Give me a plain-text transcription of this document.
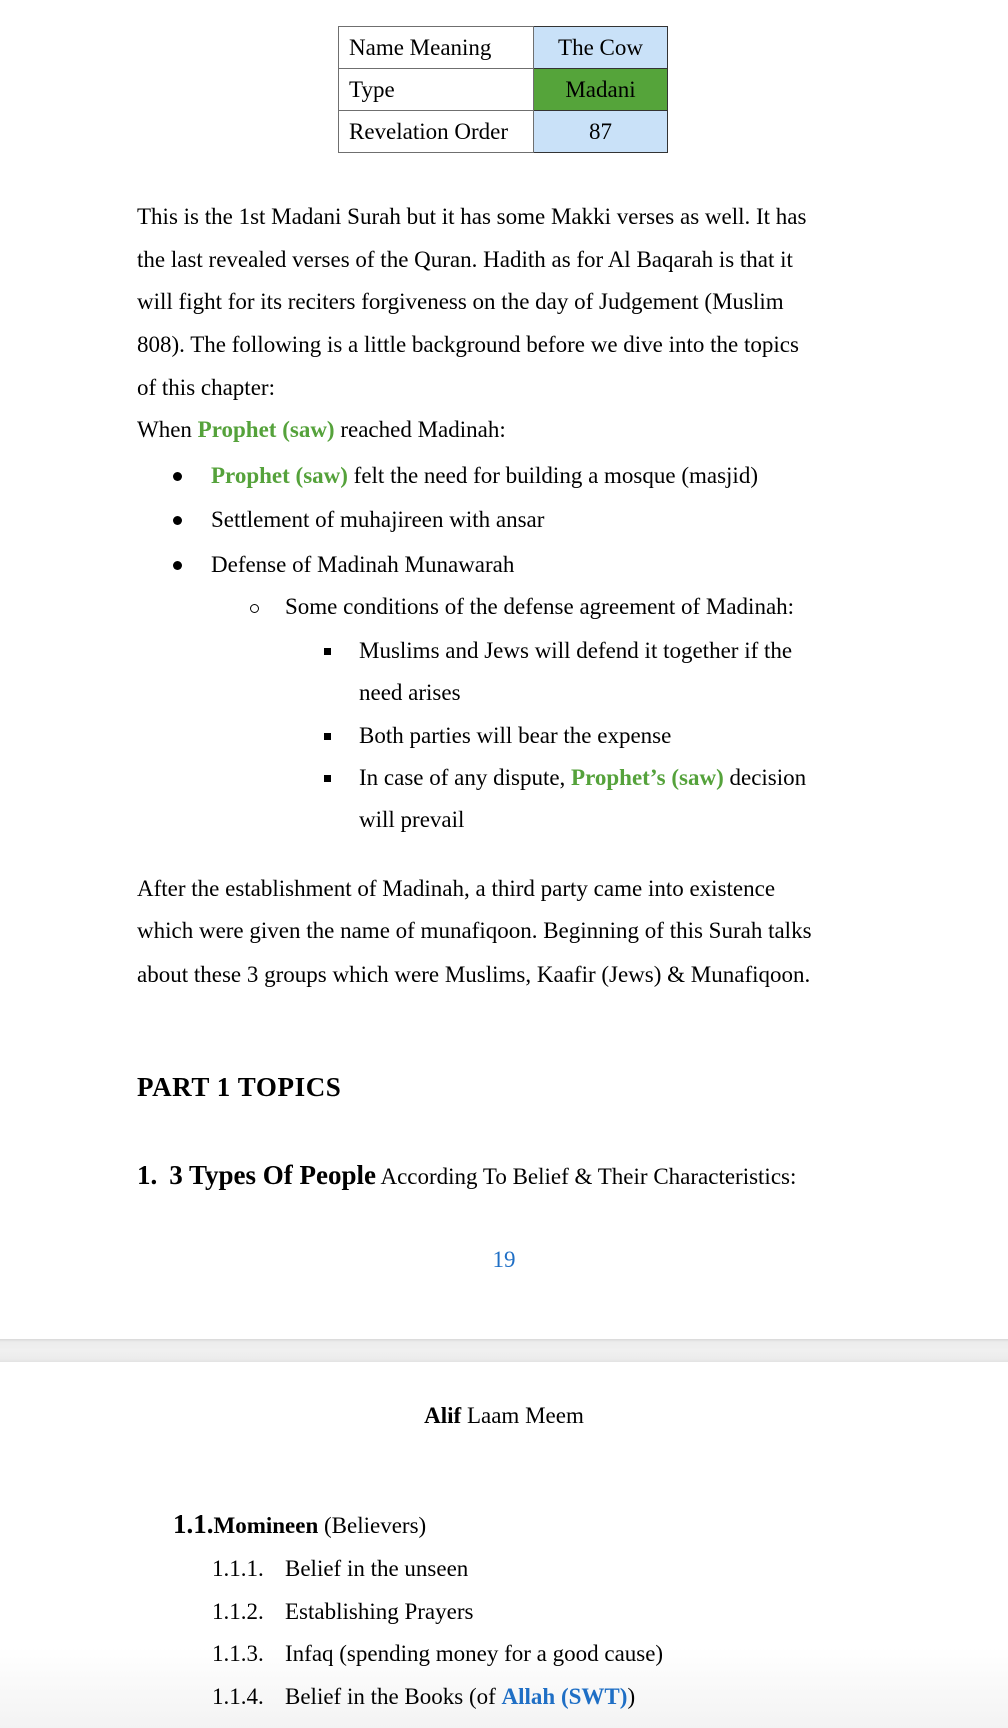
Name Meaning	The Cow
Type	Madani
Revelation Order	87
This is the 1st Madani Surah but it has some Makki verses as well. It has
the last revealed verses of the Quran. Hadith as for Al Baqarah is that it
will fight for its reciters forgiveness on the day of Judgement (Muslim
808). The following is a little background before we dive into the topics
of this chapter:
When Prophet (saw) reached Madinah:
Prophet (saw) felt the need for building a mosque (masjid)
Settlement of muhajireen with ansar
Defense of Madinah Munawarah
Some conditions of the defense agreement of Madinah:
Muslims and Jews will defend it together if the
need arises
Both parties will bear the expense
In case of any dispute, Prophet’s (saw) decision
will prevail
After the establishment of Madinah, a third party came into existence
which were given the name of munafiqoon. Beginning of this Surah talks
about these 3 groups which were Muslims, Kaafir (Jews) & Munafiqoon.
PART 1 TOPICS
1. 3 Types Of People According To Belief & Their Characteristics:
19
Alif Laam Meem
1.1.Momineen (Believers)
1.1.1. Belief in the unseen
1.1.2. Establishing Prayers
1.1.3. Infaq (spending money for a good cause)
1.1.4. Belief in the Books (of Allah (SWT))
